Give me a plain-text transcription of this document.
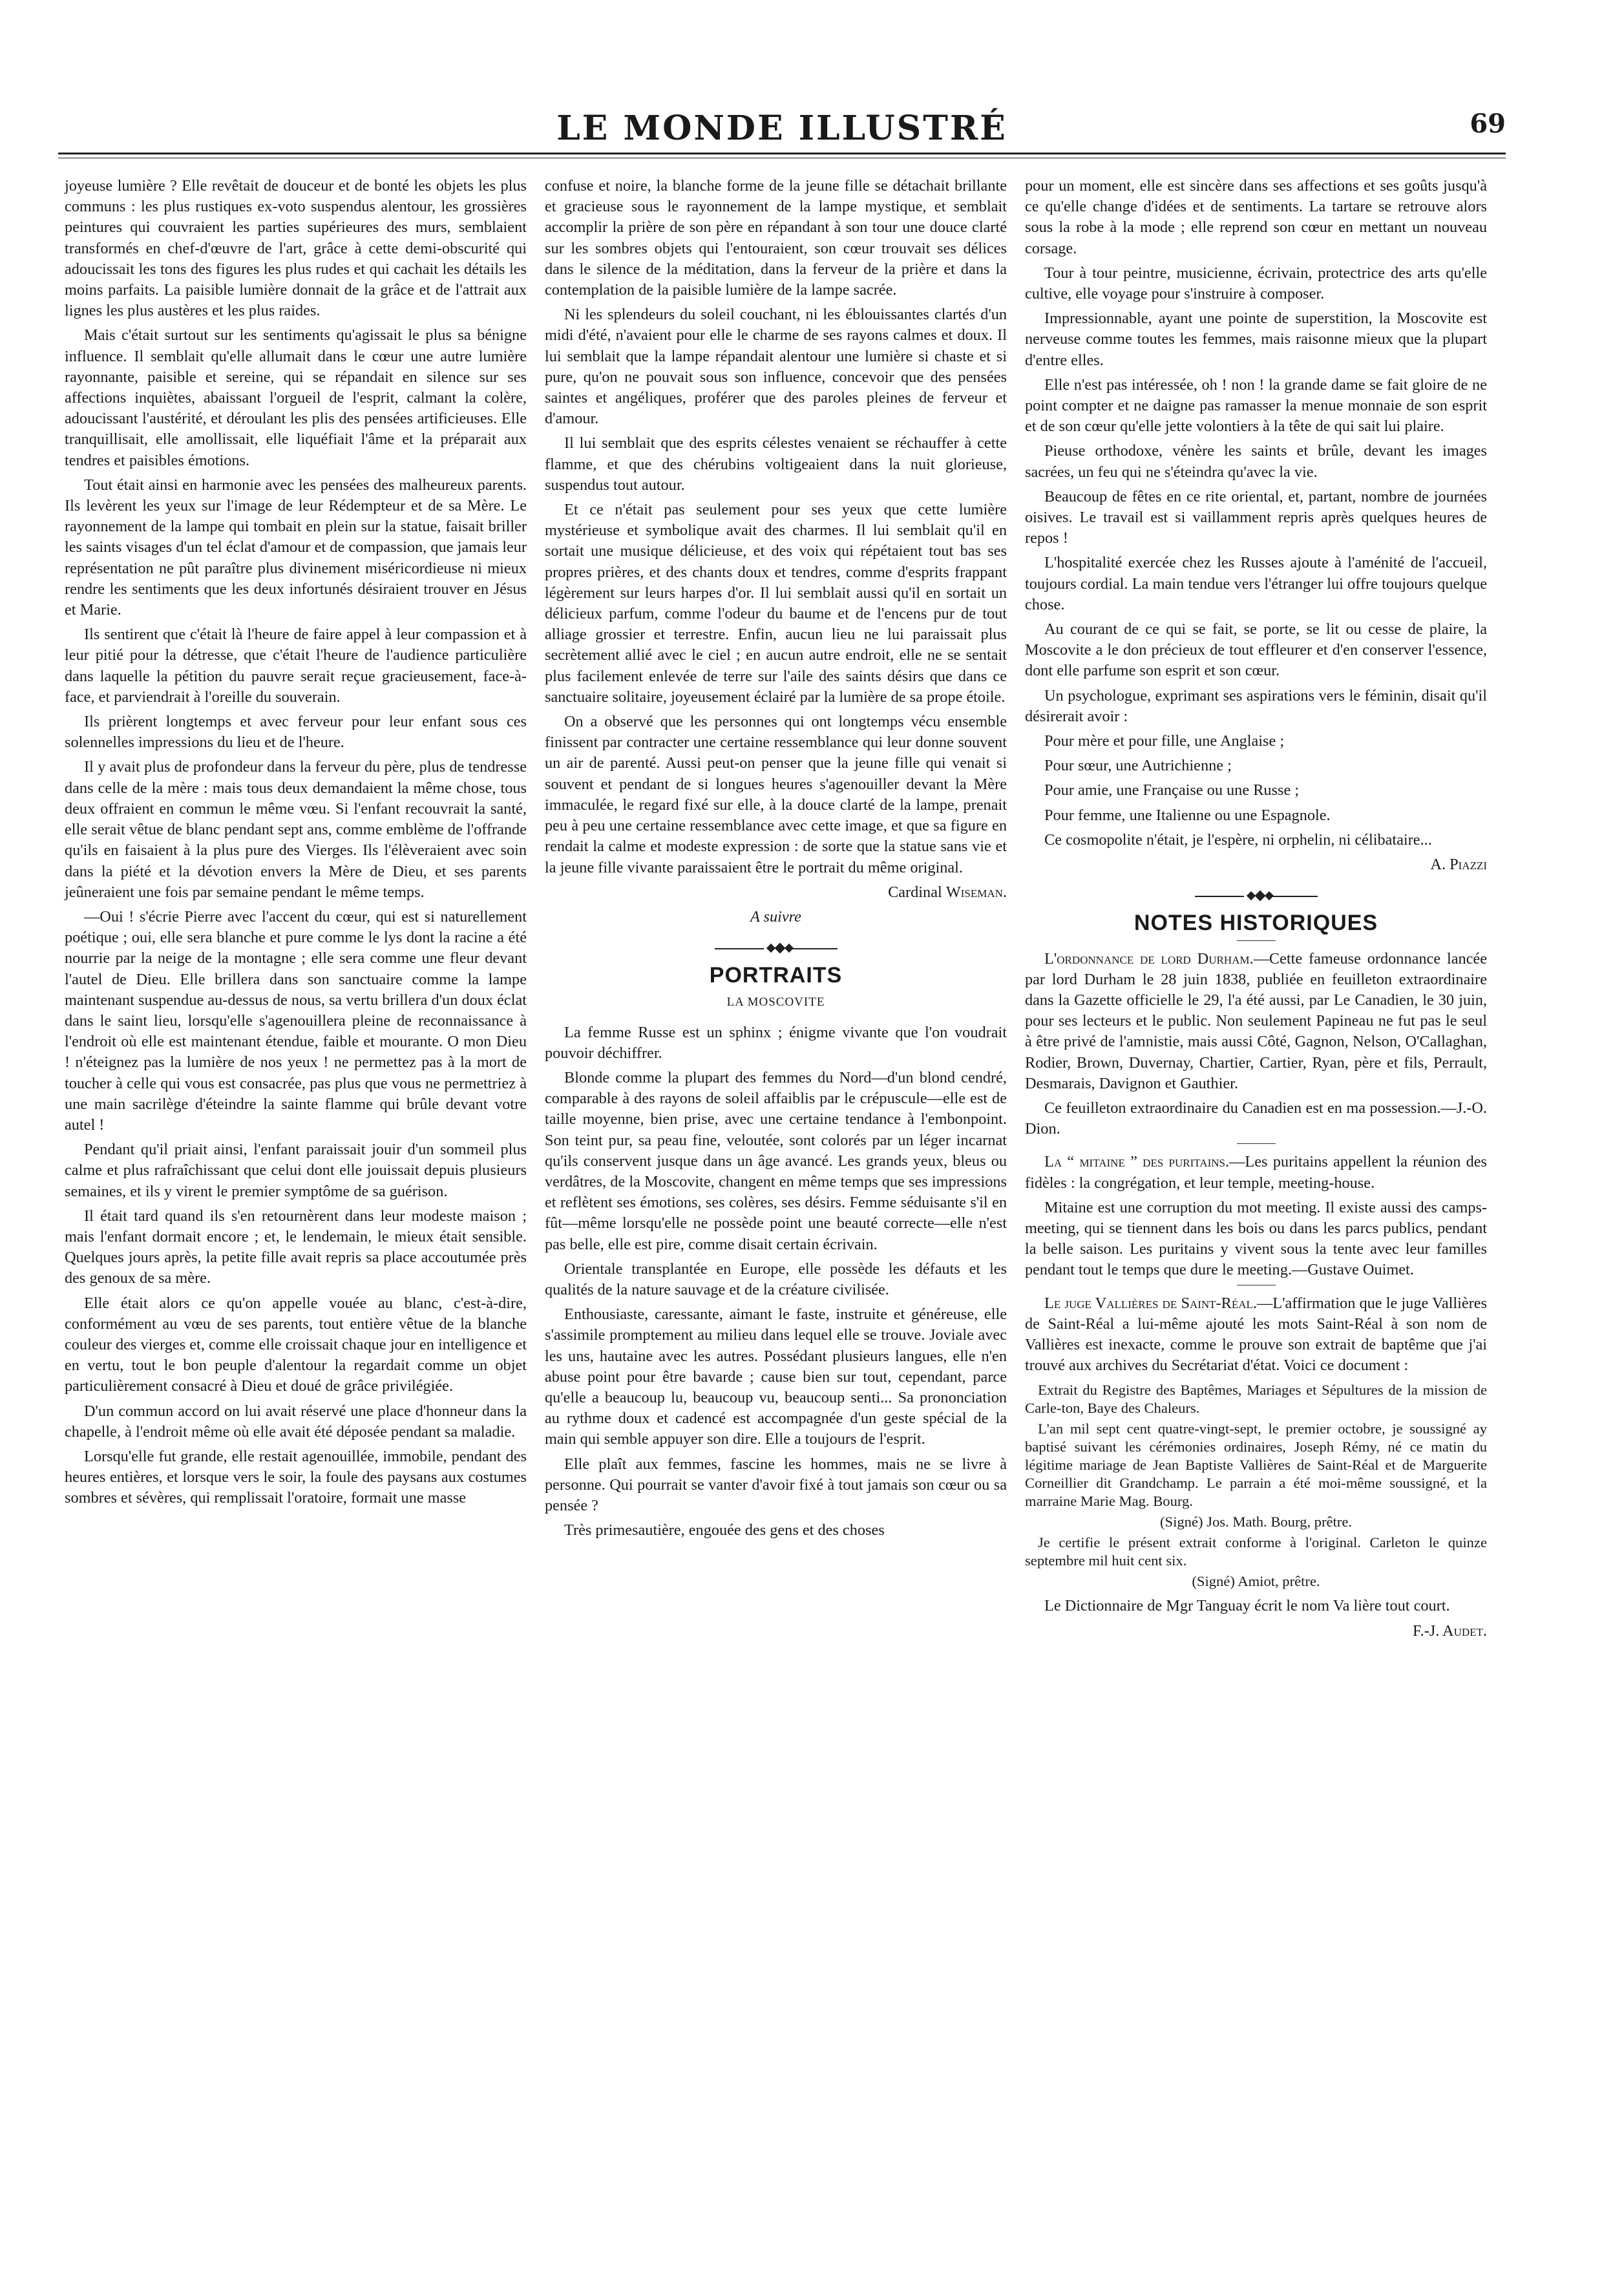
LE MONDE ILLUSTRÉ	69

joyeuse lumière ? Elle revêtait de douceur et de bonté les objets les plus communs : les plus rustiques ex-voto suspendus alentour, les grossières peintures qui couvraient les parties supérieures des murs, semblaient transformés en chef-d'œuvre de l'art, grâce à cette demi-obscurité qui adoucissait les tons des figures les plus rudes et qui cachait les détails les moins parfaits. La paisible lumière donnait de la grâce et de l'attrait aux lignes les plus austères et les plus raides.

Mais c'était surtout sur les sentiments qu'agissait le plus sa bénigne influence. Il semblait qu'elle allumait dans le cœur une autre lumière rayonnante, paisible et sereine, qui se répandait en silence sur ses affections inquiètes, abaissant l'orgueil de l'esprit, calmant la colère, adoucissant l'austérité, et déroulant les plis des pensées artificieuses. Elle tranquillisait, elle amollissait, elle liquéfiait l'âme et la préparait aux tendres et paisibles émotions.

Tout était ainsi en harmonie avec les pensées des malheureux parents. Ils levèrent les yeux sur l'image de leur Rédempteur et de sa Mère. Le rayonnement de la lampe qui tombait en plein sur la statue, faisait briller les saints visages d'un tel éclat d'amour et de compassion, que jamais leur représentation ne pût paraître plus divinement miséricordieuse ni mieux rendre les sentiments que les deux infortunés désiraient trouver en Jésus et Marie.

Ils sentirent que c'était là l'heure de faire appel à leur compassion et à leur pitié pour la détresse, que c'était l'heure de l'audience particulière dans laquelle la pétition du pauvre serait reçue gracieusement, face-à-face, et parviendrait à l'oreille du souverain.

Ils prièrent longtemps et avec ferveur pour leur enfant sous ces solennelles impressions du lieu et de l'heure.

Il y avait plus de profondeur dans la ferveur du père, plus de tendresse dans celle de la mère : mais tous deux demandaient la même chose, tous deux offraient en commun le même vœu. Si l'enfant recouvrait la santé, elle serait vêtue de blanc pendant sept ans, comme emblème de l'offrande qu'ils en faisaient à la plus pure des Vierges. Ils l'élèveraient avec soin dans la piété et la dévotion envers la Mère de Dieu, et ses parents jeûneraient une fois par semaine pendant le même temps.

—Oui ! s'écrie Pierre avec l'accent du cœur, qui est si naturellement poétique ; oui, elle sera blanche et pure comme le lys dont la racine a été nourrie par la neige de la montagne ; elle sera comme une fleur devant l'autel de Dieu. Elle brillera dans son sanctuaire comme la lampe maintenant suspendue au-dessus de nous, sa vertu brillera d'un doux éclat dans le saint lieu, lorsqu'elle s'agenouillera pleine de reconnaissance à l'endroit où elle est maintenant étendue, faible et mourante. O mon Dieu ! n'éteignez pas la lumière de nos yeux ! ne permettez pas à la mort de toucher à celle qui vous est consacrée, pas plus que vous ne permettriez à une main sacrilège d'éteindre la sainte flamme qui brûle devant votre autel !

Pendant qu'il priait ainsi, l'enfant paraissait jouir d'un sommeil plus calme et plus rafraîchissant que celui dont elle jouissait depuis plusieurs semaines, et ils y virent le premier symptôme de sa guérison.

Il était tard quand ils s'en retournèrent dans leur modeste maison ; mais l'enfant dormait encore ; et, le lendemain, le mieux était sensible. Quelques jours après, la petite fille avait repris sa place accoutumée près des genoux de sa mère.

Elle était alors ce qu'on appelle vouée au blanc, c'est-à-dire, conformément au vœu de ses parents, tout entière vêtue de la blanche couleur des vierges et, comme elle croissait chaque jour en intelligence et en vertu, tout le bon peuple d'alentour la regardait comme un objet particulièrement consacré à Dieu et doué de grâce privilégiée.

D'un commun accord on lui avait réservé une place d'honneur dans la chapelle, à l'endroit même où elle avait été déposée pendant sa maladie.

Lorsqu'elle fut grande, elle restait agenouillée, immobile, pendant des heures entières, et lorsque vers le soir, la foule des paysans aux costumes sombres et sévères, qui remplissait l'oratoire, formait une masse

confuse et noire, la blanche forme de la jeune fille se détachait brillante et gracieuse sous le rayonnement de la lampe mystique, et semblait accomplir la prière de son père en répandant à son tour une douce clarté sur les sombres objets qui l'entouraient, son cœur trouvait ses délices dans le silence de la méditation, dans la ferveur de la prière et dans la contemplation de la paisible lumière de la lampe sacrée.

Ni les splendeurs du soleil couchant, ni les éblouissantes clartés d'un midi d'été, n'avaient pour elle le charme de ses rayons calmes et doux. Il lui semblait que la lampe répandait alentour une lumière si chaste et si pure, qu'on ne pouvait sous son influence, concevoir que des pensées saintes et angéliques, proférer que des paroles pleines de ferveur et d'amour.

Il lui semblait que des esprits célestes venaient se réchauffer à cette flamme, et que des chérubins voltigeaient dans la nuit glorieuse, suspendus tout autour.

Et ce n'était pas seulement pour ses yeux que cette lumière mystérieuse et symbolique avait des charmes. Il lui semblait qu'il en sortait une musique délicieuse, et des voix qui répétaient tout bas ses propres prières, et des chants doux et tendres, comme d'esprits frappant légèrement sur leurs harpes d'or. Il lui semblait aussi qu'il en sortait un délicieux parfum, comme l'odeur du baume et de l'encens pur de tout alliage grossier et terrestre. Enfin, aucun lieu ne lui paraissait plus secrètement allié avec le ciel ; en aucun autre endroit, elle ne se sentait plus facilement enlevée de terre sur l'aile des saints désirs que dans ce sanctuaire solitaire, joyeusement éclairé par la lumière de sa prope étoile.

On a observé que les personnes qui ont longtemps vécu ensemble finissent par contracter une certaine ressemblance qui leur donne souvent un air de parenté. Aussi peut-on penser que la jeune fille qui venait si souvent et pendant de si longues heures s'agenouiller devant la Mère immaculée, le regard fixé sur elle, à la douce clarté de la lampe, prenait peu à peu une certaine ressemblance avec cette image, et que sa figure en rendait la calme et modeste expression : de sorte que la statue sans vie et la jeune fille vivante paraissaient être le portrait du même original.

Cardinal Wiseman.

A suivre

PORTRAITS
LA MOSCOVITE

La femme Russe est un sphinx ; énigme vivante que l'on voudrait pouvoir déchiffrer.

Blonde comme la plupart des femmes du Nord—d'un blond cendré, comparable à des rayons de soleil affaiblis par le crépuscule—elle est de taille moyenne, bien prise, avec une certaine tendance à l'embonpoint. Son teint pur, sa peau fine, veloutée, sont colorés par un léger incarnat qu'ils conservent jusque dans un âge avancé. Les grands yeux, bleus ou verdâtres, de la Moscovite, changent en même temps que ses impressions et reflètent ses émotions, ses colères, ses désirs. Femme séduisante s'il en fût—même lorsqu'elle ne possède point une beauté correcte—elle n'est pas belle, elle est pire, comme disait certain écrivain.

Orientale transplantée en Europe, elle possède les défauts et les qualités de la nature sauvage et de la créature civilisée.

Enthousiaste, caressante, aimant le faste, instruite et généreuse, elle s'assimile promptement au milieu dans lequel elle se trouve. Joviale avec les uns, hautaine avec les autres. Possédant plusieurs langues, elle n'en abuse point pour être bavarde ; cause bien sur tout, cependant, parce qu'elle a beaucoup lu, beaucoup vu, beaucoup senti... Sa prononciation au rythme doux et cadencé est accompagnée d'un geste spécial de la main qui semble appuyer son dire. Elle a toujours de l'esprit.

Elle plaît aux femmes, fascine les hommes, mais ne se livre à personne. Qui pourrait se vanter d'avoir fixé à tout jamais son cœur ou sa pensée ?

Très primesautière, engouée des gens et des choses

pour un moment, elle est sincère dans ses affections et ses goûts jusqu'à ce qu'elle change d'idées et de sentiments. La tartare se retrouve alors sous la robe à la mode ; elle reprend son cœur en mettant un nouveau corsage.

Tour à tour peintre, musicienne, écrivain, protectrice des arts qu'elle cultive, elle voyage pour s'instruire à composer.

Impressionnable, ayant une pointe de superstition, la Moscovite est nerveuse comme toutes les femmes, mais raisonne mieux que la plupart d'entre elles.

Elle n'est pas intéressée, oh ! non ! la grande dame se fait gloire de ne point compter et ne daigne pas ramasser la menue monnaie de son esprit et de son cœur qu'elle jette volontiers à la tête de qui sait lui plaire.

Pieuse orthodoxe, vénère les saints et brûle, devant les images sacrées, un feu qui ne s'éteindra qu'avec la vie.

Beaucoup de fêtes en ce rite oriental, et, partant, nombre de journées oisives. Le travail est si vaillamment repris après quelques heures de repos !

L'hospitalité exercée chez les Russes ajoute à l'aménité de l'accueil, toujours cordial. La main tendue vers l'étranger lui offre toujours quelque chose.

Au courant de ce qui se fait, se porte, se lit ou cesse de plaire, la Moscovite a le don précieux de tout effleurer et d'en conserver l'essence, dont elle parfume son esprit et son cœur.

Un psychologue, exprimant ses aspirations vers le féminin, disait qu'il désirerait avoir :

Pour mère et pour fille, une Anglaise ;

Pour sœur, une Autrichienne ;

Pour amie, une Française ou une Russe ;

Pour femme, une Italienne ou une Espagnole.

Ce cosmopolite n'était, je l'espère, ni orphelin, ni célibataire...

A. Piazzi

NOTES HISTORIQUES

L'ordonnance de lord Durham.—Cette fameuse ordonnance lancée par lord Durham le 28 juin 1838, publiée en feuilleton extraordinaire dans la Gazette officielle le 29, l'a été aussi, par Le Canadien, le 30 juin, pour ses lecteurs et le public. Non seulement Papineau ne fut pas le seul à être privé de l'amnistie, mais aussi Côté, Gagnon, Nelson, O'Callaghan, Rodier, Brown, Duvernay, Chartier, Cartier, Ryan, père et fils, Perrault, Desmarais, Davignon et Gauthier.

Ce feuilleton extraordinaire du Canadien est en ma possession.—J.-O. Dion.

La “ mitaine ” des puritains.—Les puritains appellent la réunion des fidèles : la congrégation, et leur temple, meeting-house.

Mitaine est une corruption du mot meeting. Il existe aussi des camps-meeting, qui se tiennent dans les bois ou dans les parcs publics, pendant la belle saison. Les puritains y vivent sous la tente avec leur familles pendant tout le temps que dure le meeting.—Gustave Ouimet.

Le juge Vallières de Saint-Réal.—L'affirmation que le juge Vallières de Saint-Réal a lui-même ajouté les mots Saint-Réal à son nom de Vallières est inexacte, comme le prouve son extrait de baptême que j'ai trouvé aux archives du Secrétariat d'état. Voici ce document :

Extrait du Registre des Baptêmes, Mariages et Sépultures de la mission de Carle-ton, Baye des Chaleurs.

L'an mil sept cent quatre-vingt-sept, le premier octobre, je soussigné ay baptisé suivant les cérémonies ordinaires, Joseph Rémy, né ce matin du légitime mariage de Jean Baptiste Vallières de Saint-Réal et de Marguerite Corneillier dit Grandchamp. Le parrain a été moi-même soussigné, et la marraine Marie Mag. Bourg.

(Signé) Jos. Math. Bourg, prêtre.

Je certifie le présent extrait conforme à l'original. Carleton le quinze septembre mil huit cent six.

(Signé) Amiot, prêtre.

Le Dictionnaire de Mgr Tanguay écrit le nom Va lière tout court.

F.-J. Audet.
